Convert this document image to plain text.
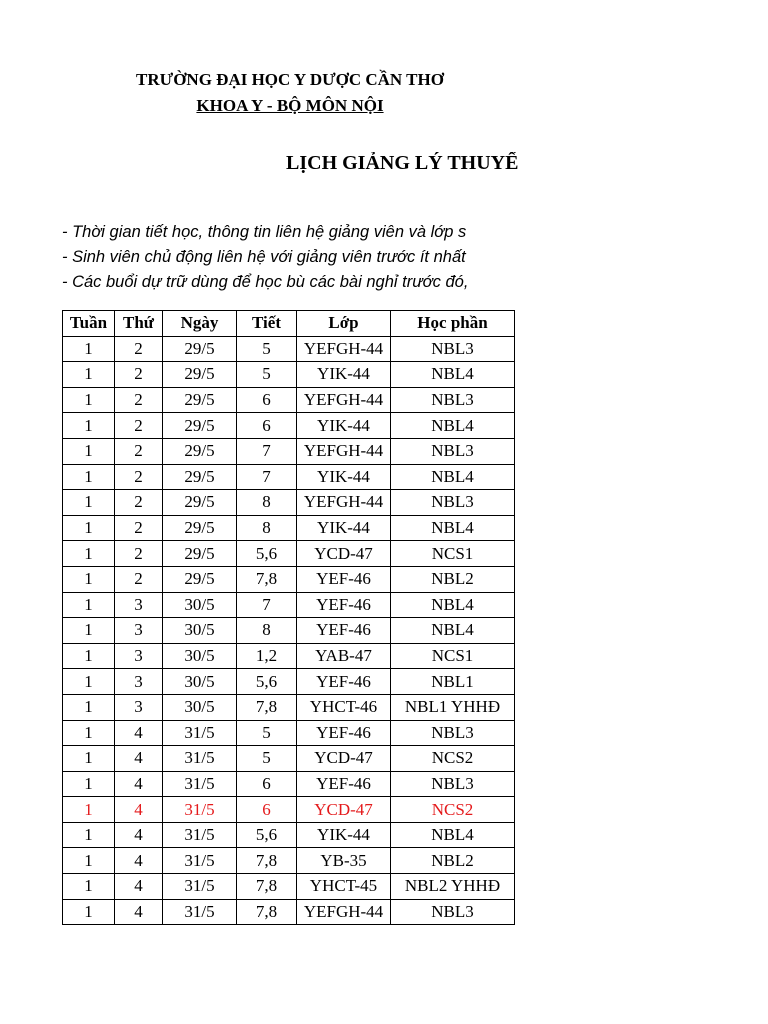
TRƯỜNG ĐẠI HỌC Y DƯỢC CẦN THƠ
KHOA Y - BỘ MÔN NỘI
LỊCH GIẢNG LÝ THUYẾ
- Thời gian tiết học, thông tin liên hệ giảng viên và lớp s
- Sinh viên chủ động liên hệ với giảng viên trước ít nhất
- Các buổi dự trữ dùng để học bù các bài nghỉ trước đó,
Tuần	Thứ	Ngày	Tiết	Lớp	Học phần
1	2	29/5	5	YEFGH-44	NBL3
1	2	29/5	5	YIK-44	NBL4
1	2	29/5	6	YEFGH-44	NBL3
1	2	29/5	6	YIK-44	NBL4
1	2	29/5	7	YEFGH-44	NBL3
1	2	29/5	7	YIK-44	NBL4
1	2	29/5	8	YEFGH-44	NBL3
1	2	29/5	8	YIK-44	NBL4
1	2	29/5	5,6	YCD-47	NCS1
1	2	29/5	7,8	YEF-46	NBL2
1	3	30/5	7	YEF-46	NBL4
1	3	30/5	8	YEF-46	NBL4
1	3	30/5	1,2	YAB-47	NCS1
1	3	30/5	5,6	YEF-46	NBL1
1	3	30/5	7,8	YHCT-46	NBL1 YHHĐ
1	4	31/5	5	YEF-46	NBL3
1	4	31/5	5	YCD-47	NCS2
1	4	31/5	6	YEF-46	NBL3
1	4	31/5	6	YCD-47	NCS2
1	4	31/5	5,6	YIK-44	NBL4
1	4	31/5	7,8	YB-35	NBL2
1	4	31/5	7,8	YHCT-45	NBL2 YHHĐ
1	4	31/5	7,8	YEFGH-44	NBL3
